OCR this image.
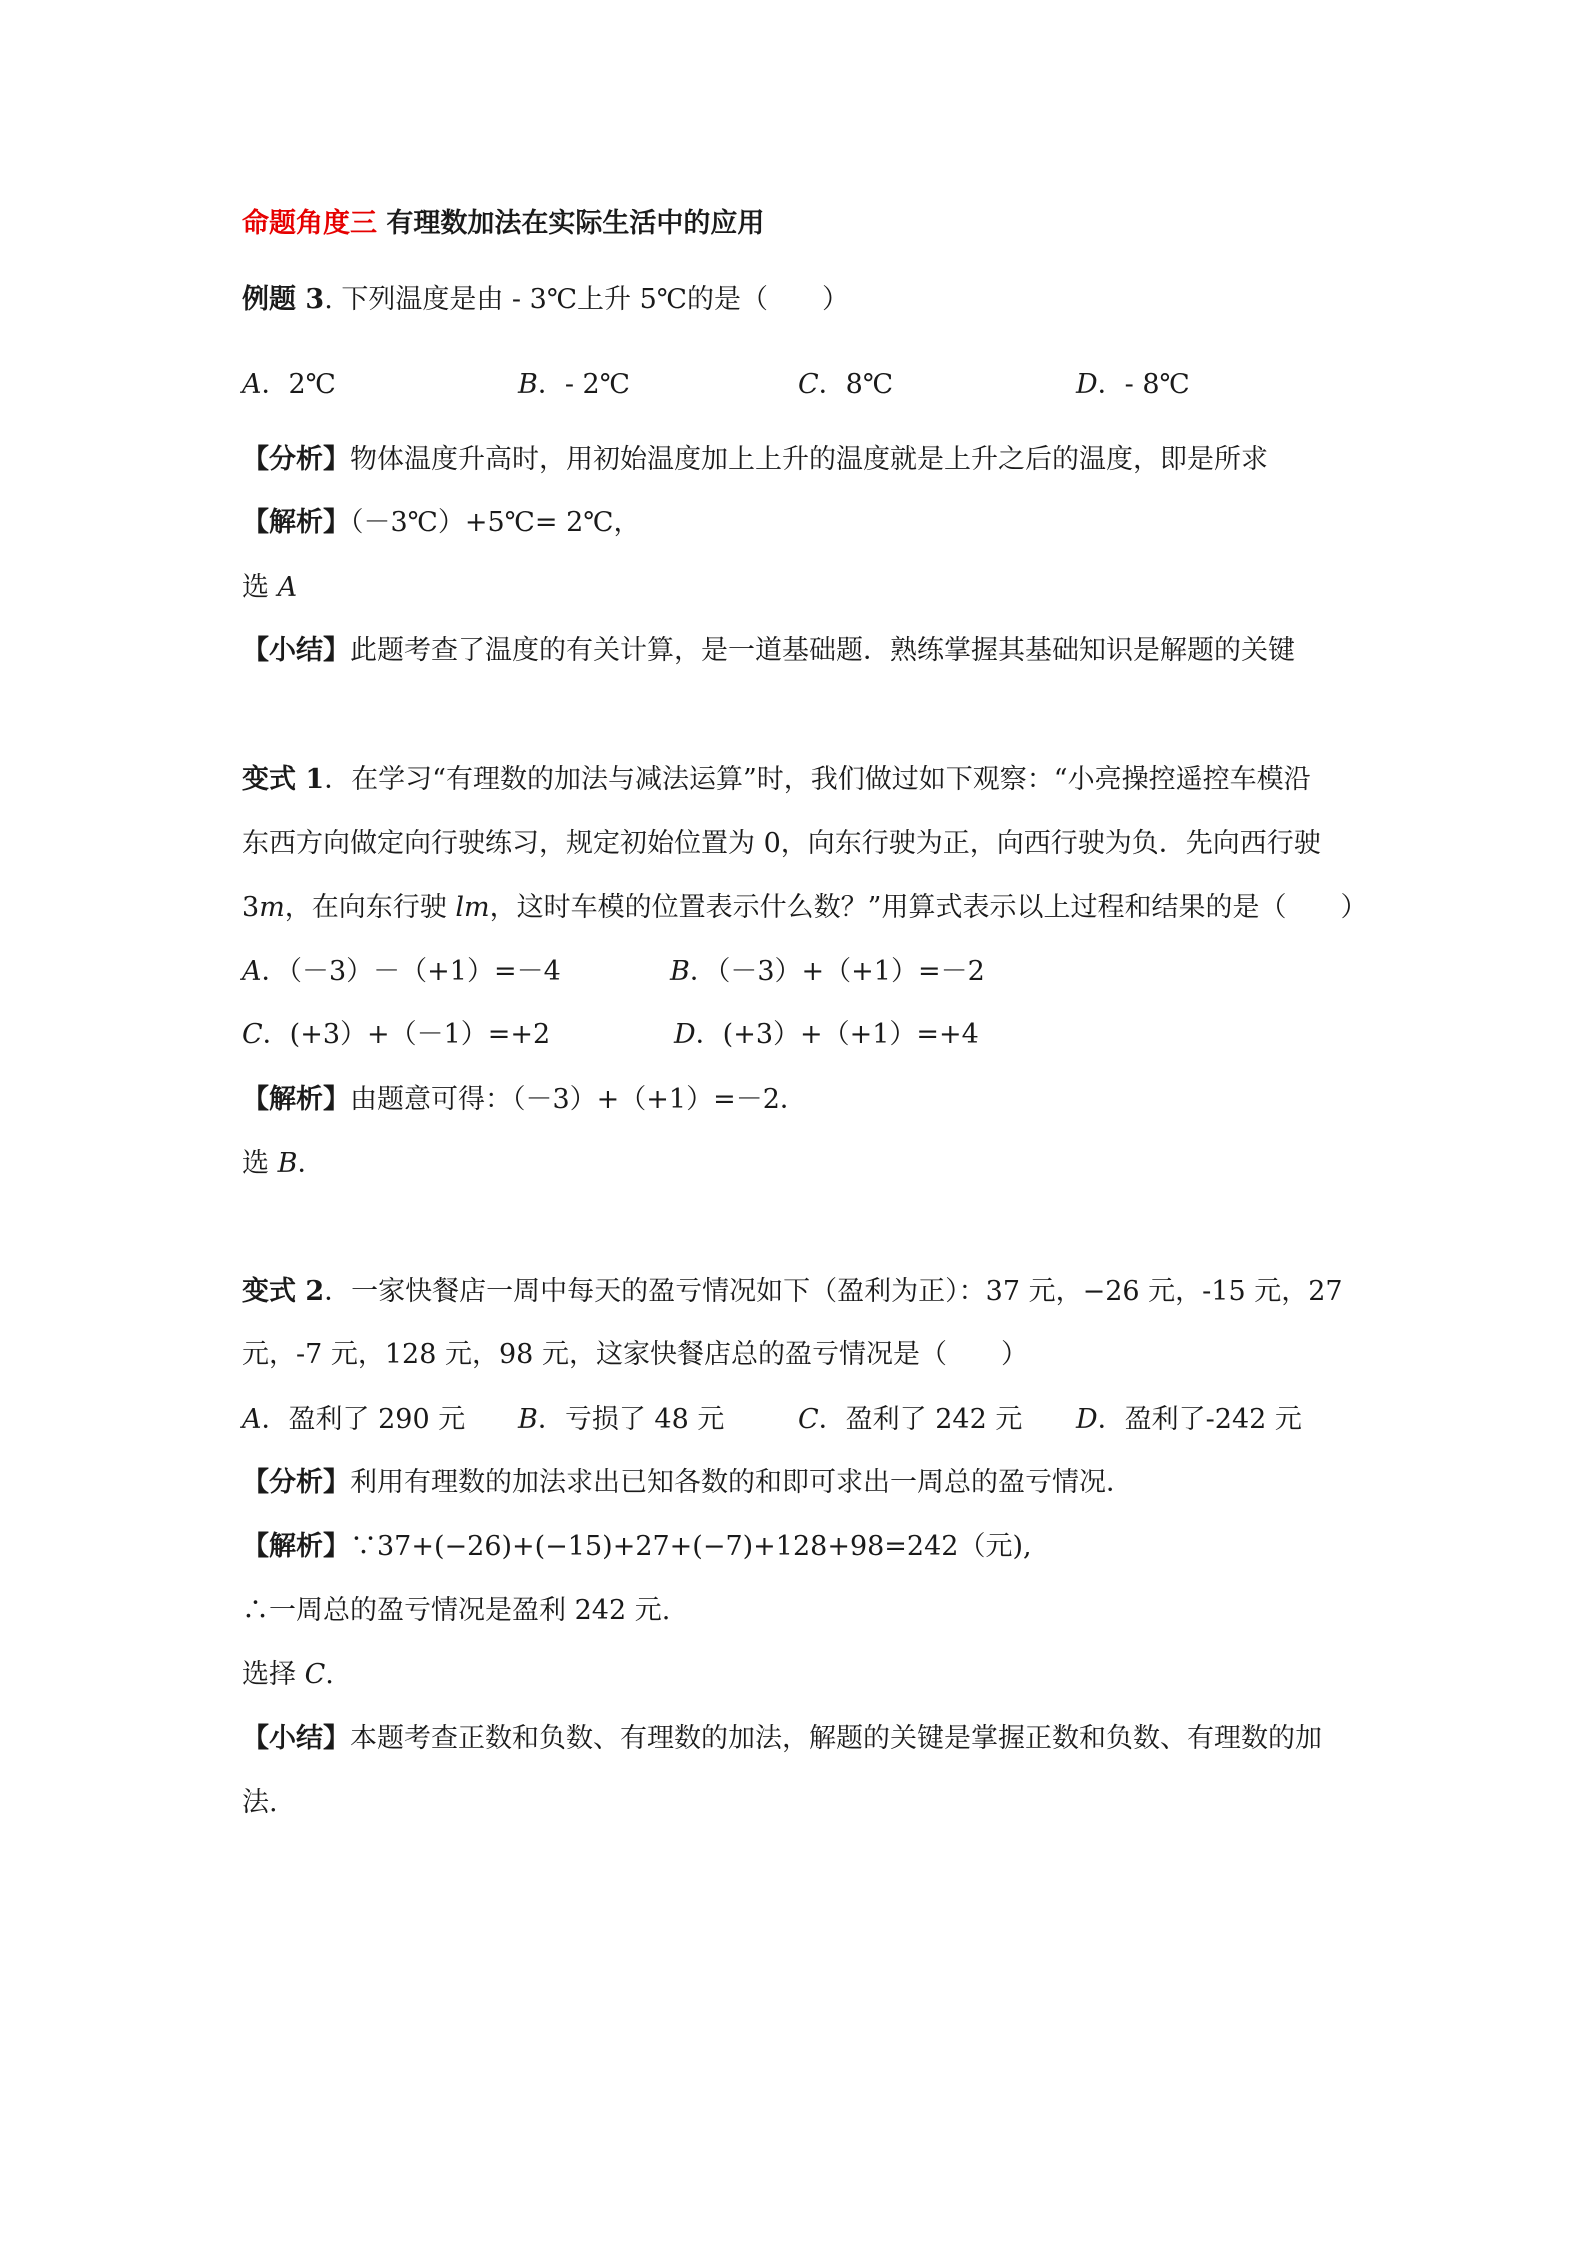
命题角度三 有理数加法在实际生活中的应用
例题 3. 下列温度是由 - 3℃上升 5℃的是（　　）
A．2℃	B．- 2℃	C．8℃	D．- 8℃
【分析】物体温度升高时，用初始温度加上上升的温度就是上升之后的温度，即是所求
【解析】（－3℃）+5℃= 2℃，
选 A
【小结】此题考查了温度的有关计算，是一道基础题．熟练掌握其基础知识是解题的关键
变式 1．在学习“有理数的加法与减法运算”时，我们做过如下观察：“小亮操控遥控车模沿
东西方向做定向行驶练习，规定初始位置为 0，向东行驶为正，向西行驶为负．先向西行驶
3m，在向东行驶 lm，这时车模的位置表示什么数？”用算式表示以上过程和结果的是（　　）
A．（－3）－（+1）=－4	B．（－3）+（+1）=－2
C．(+3）+（－1）=+2	D．(+3）+（+1）=+4
【解析】由题意可得：（－3）+（+1）=－2．
选 B．
变式 2．一家快餐店一周中每天的盈亏情况如下（盈利为正）：37 元，−26 元，-15 元，27
元，-7 元，128 元，98 元，这家快餐店总的盈亏情况是（　　）
A．盈利了 290 元 B．亏损了 48 元	C．盈利了 242 元 D．盈利了-242 元
【分析】利用有理数的加法求出已知各数的和即可求出一周总的盈亏情况．
【解析】∵37+(−26)+(−15)+27+(−7)+128+98=242（元),
∴一周总的盈亏情况是盈利 242 元.
选择 C.
【小结】本题考查正数和负数、有理数的加法，解题的关键是掌握正数和负数、有理数的加
法.
